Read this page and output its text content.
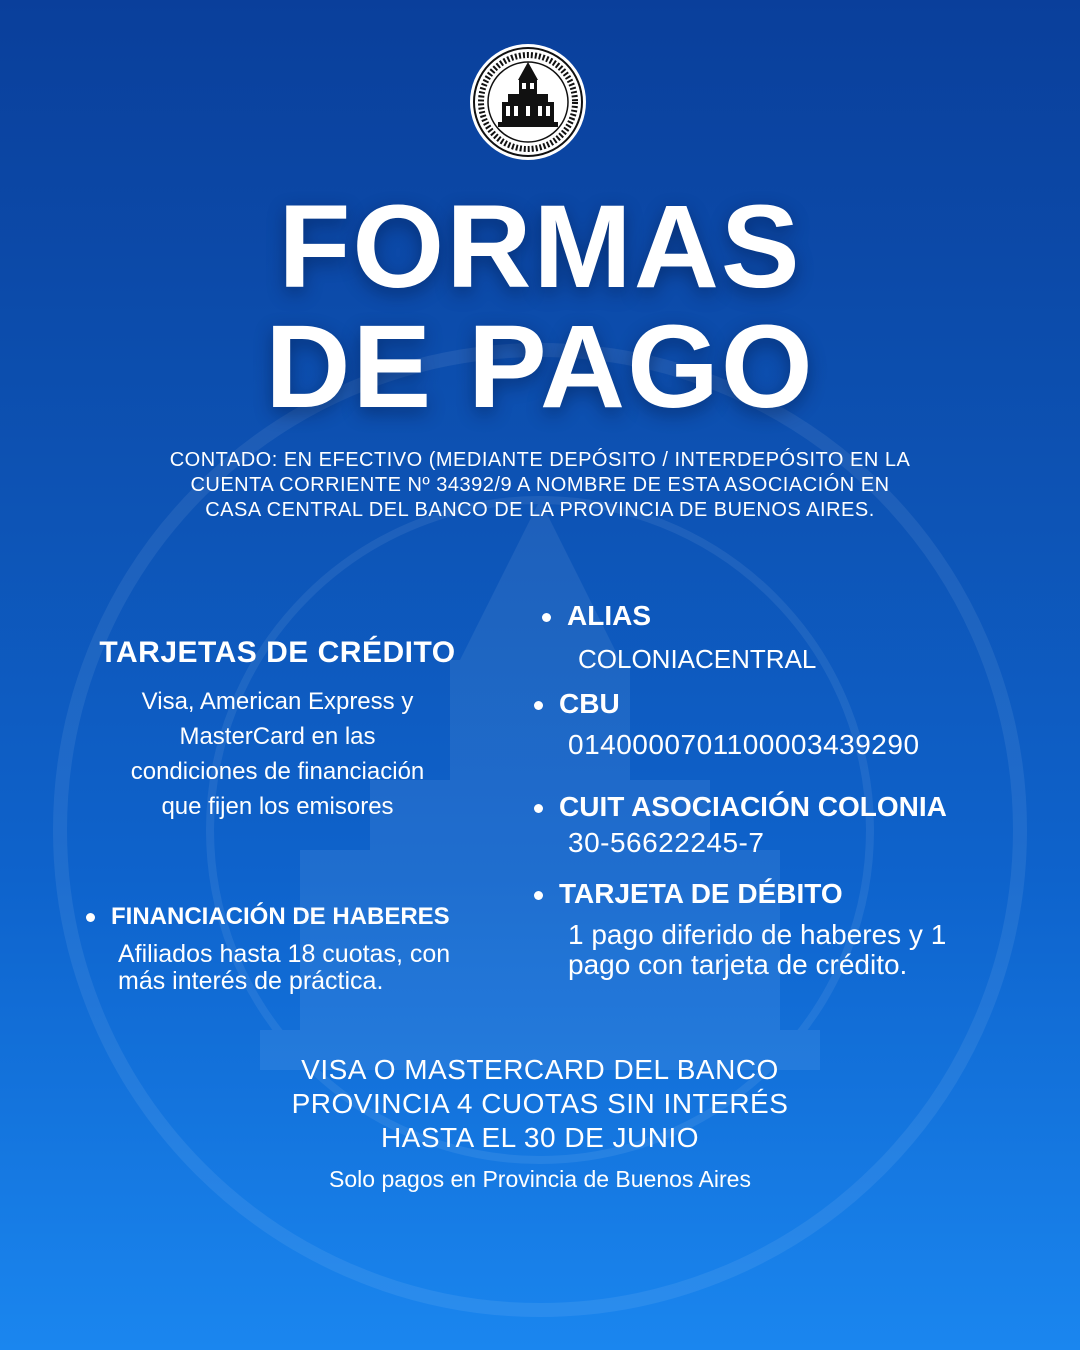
FORMAS
DE PAGO
CONTADO: EN EFECTIVO (MEDIANTE DEPÓSITO / INTERDEPÓSITO EN LA
CUENTA CORRIENTE Nº 34392/9 A NOMBRE DE ESTA ASOCIACIÓN EN
CASA CENTRAL DEL BANCO DE LA PROVINCIA DE BUENOS AIRES.
TARJETAS DE CRÉDITO
Visa, American Express y MasterCard en las condiciones de financiación que fijen los emisores
FINANCIACIÓN DE HABERES
Afiliados hasta 18 cuotas, con
más interés de práctica.
ALIAS
COLONIACENTRAL
CBU
0140000701100003439290
CUIT ASOCIACIÓN COLONIA
30-56622245-7
TARJETA DE DÉBITO
1 pago diferido de haberes y 1
pago con tarjeta de crédito.
VISA O MASTERCARD DEL BANCO
PROVINCIA 4 CUOTAS SIN INTERÉS
HASTA EL 30 DE JUNIO
Solo pagos en Provincia de Buenos Aires
